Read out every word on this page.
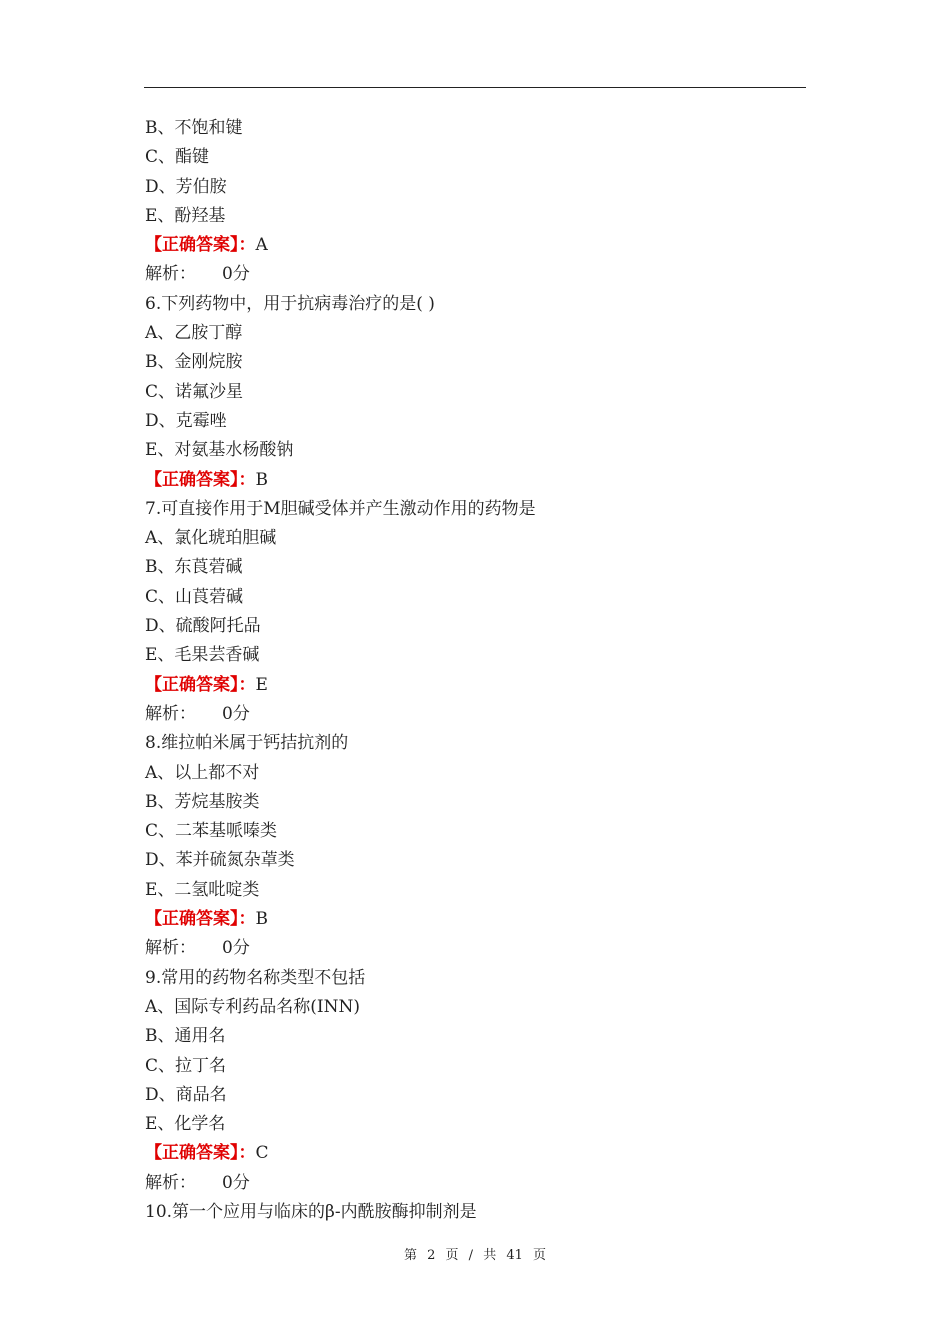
B、不饱和键
C、酯键
D、芳伯胺
E、酚羟基
【正确答案】：A
解析： 0分
6.下列药物中，用于抗病毒治疗的是( )
A、乙胺丁醇
B、金刚烷胺
C、诺氟沙星
D、克霉唑
E、对氨基水杨酸钠
【正确答案】：B
7.可直接作用于M胆碱受体并产生激动作用的药物是
A、氯化琥珀胆碱
B、东莨菪碱
C、山莨菪碱
D、硫酸阿托品
E、毛果芸香碱
【正确答案】：E
解析： 0分
8.维拉帕米属于钙拮抗剂的
A、以上都不对
B、芳烷基胺类
C、二苯基哌嗪类
D、苯并硫氮杂䓬类
E、二氢吡啶类
【正确答案】：B
解析： 0分
9.常用的药物名称类型不包括
A、国际专利药品名称(INN)
B、通用名
C、拉丁名
D、商品名
E、化学名
【正确答案】：C
解析： 0分
10.第一个应用与临床的β-内酰胺酶抑制剂是
第 2 页 / 共 41 页
